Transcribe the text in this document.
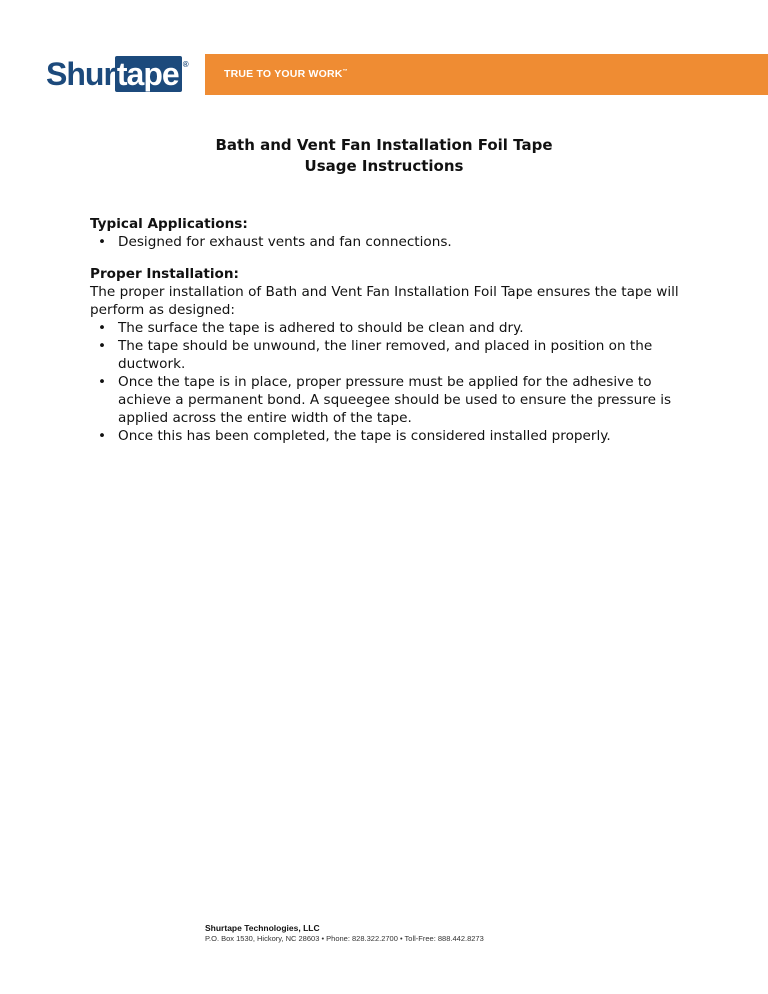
Shur tape ®
TRUE TO YOUR WORK™
Bath and Vent Fan Installation Foil Tape
Usage Instructions
Typical Applications:
• Designed for exhaust vents and fan connections.
Proper Installation:
The proper installation of Bath and Vent Fan Installation Foil Tape ensures the tape will perform as designed:
• The surface the tape is adhered to should be clean and dry.
• The tape should be unwound, the liner removed, and placed in position on the ductwork.
• Once the tape is in place, proper pressure must be applied for the adhesive to achieve a permanent bond. A squeegee should be used to ensure the pressure is applied across the entire width of the tape.
• Once this has been completed, the tape is considered installed properly.
Shurtape Technologies, LLC
P.O. Box 1530, Hickory, NC 28603 • Phone: 828.322.2700 • Toll-Free: 888.442.8273
